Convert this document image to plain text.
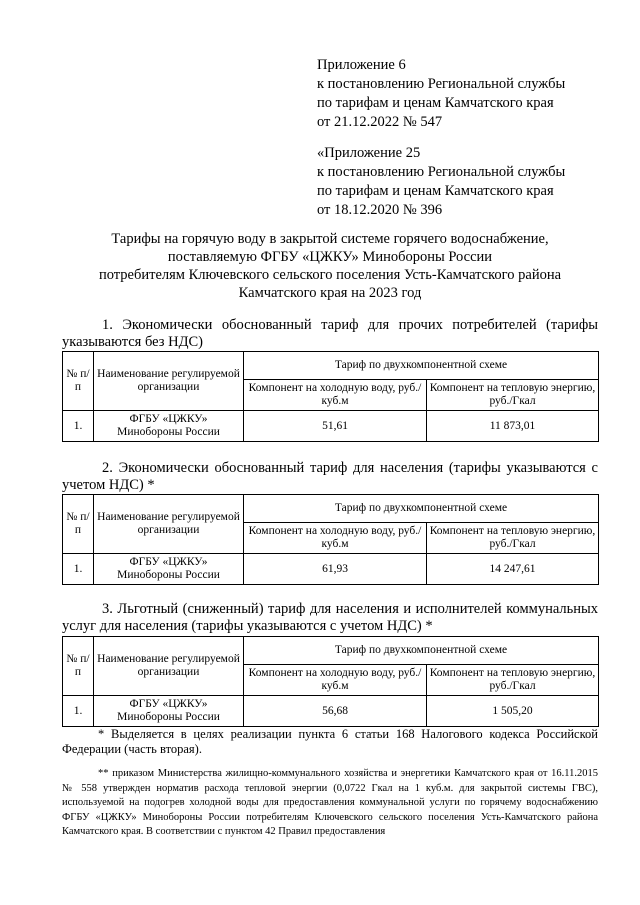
Приложение 6
к постановлению Региональной службы
по тарифам и ценам Камчатского края
от 21.12.2022 № 547
«Приложение 25
к постановлению Региональной службы
по тарифам и ценам Камчатского края
от 18.12.2020 № 396
Тарифы на горячую воду в закрытой системе горячего водоснабжение,
поставляемую ФГБУ «ЦЖКУ» Минобороны России
потребителям Ключевского сельского поселения Усть-Камчатского района
Камчатского края на 2023 год
1. Экономически обоснованный тариф для прочих потребителей (тарифы указываются без НДС)
№ п/п	Наименование регулируемой организации	Тариф по двухкомпонентной схеме	
		Компонент на холодную воду, руб./куб.м	Компонент на тепловую энергию, руб./Гкал
1.	ФГБУ «ЦЖКУ» Минобороны России	51,61	11 873,01
2. Экономически обоснованный тариф для населения (тарифы указываются с учетом НДС) *
№ п/п	Наименование регулируемой организации	Тариф по двухкомпонентной схеме	
		Компонент на холодную воду, руб./куб.м	Компонент на тепловую энергию, руб./Гкал
1.	ФГБУ «ЦЖКУ» Минобороны России	61,93	14 247,61
3. Льготный (сниженный) тариф для населения и исполнителей коммунальных услуг для населения (тарифы указываются с учетом НДС) *
№ п/п	Наименование регулируемой организации	Тариф по двухкомпонентной схеме	
		Компонент на холодную воду, руб./куб.м	Компонент на тепловую энергию, руб./Гкал
1.	ФГБУ «ЦЖКУ» Минобороны России	56,68	1 505,20
* Выделяется в целях реализации пункта 6 статьи 168 Налогового кодекса Российской Федерации (часть вторая).
** приказом Министерства жилищно-коммунального хозяйства и энергетики Камчатского края от 16.11.2015 № 558 утвержден норматив расхода тепловой энергии (0,0722 Гкал на 1 куб.м. для закрытой системы ГВС), используемой на подогрев холодной воды для предоставления коммунальной услуги по горячему водоснабжению ФГБУ «ЦЖКУ» Минобороны России потребителям Ключевского сельского поселения Усть-Камчатского района Камчатского края. В соответствии с пунктом 42 Правил предоставления
